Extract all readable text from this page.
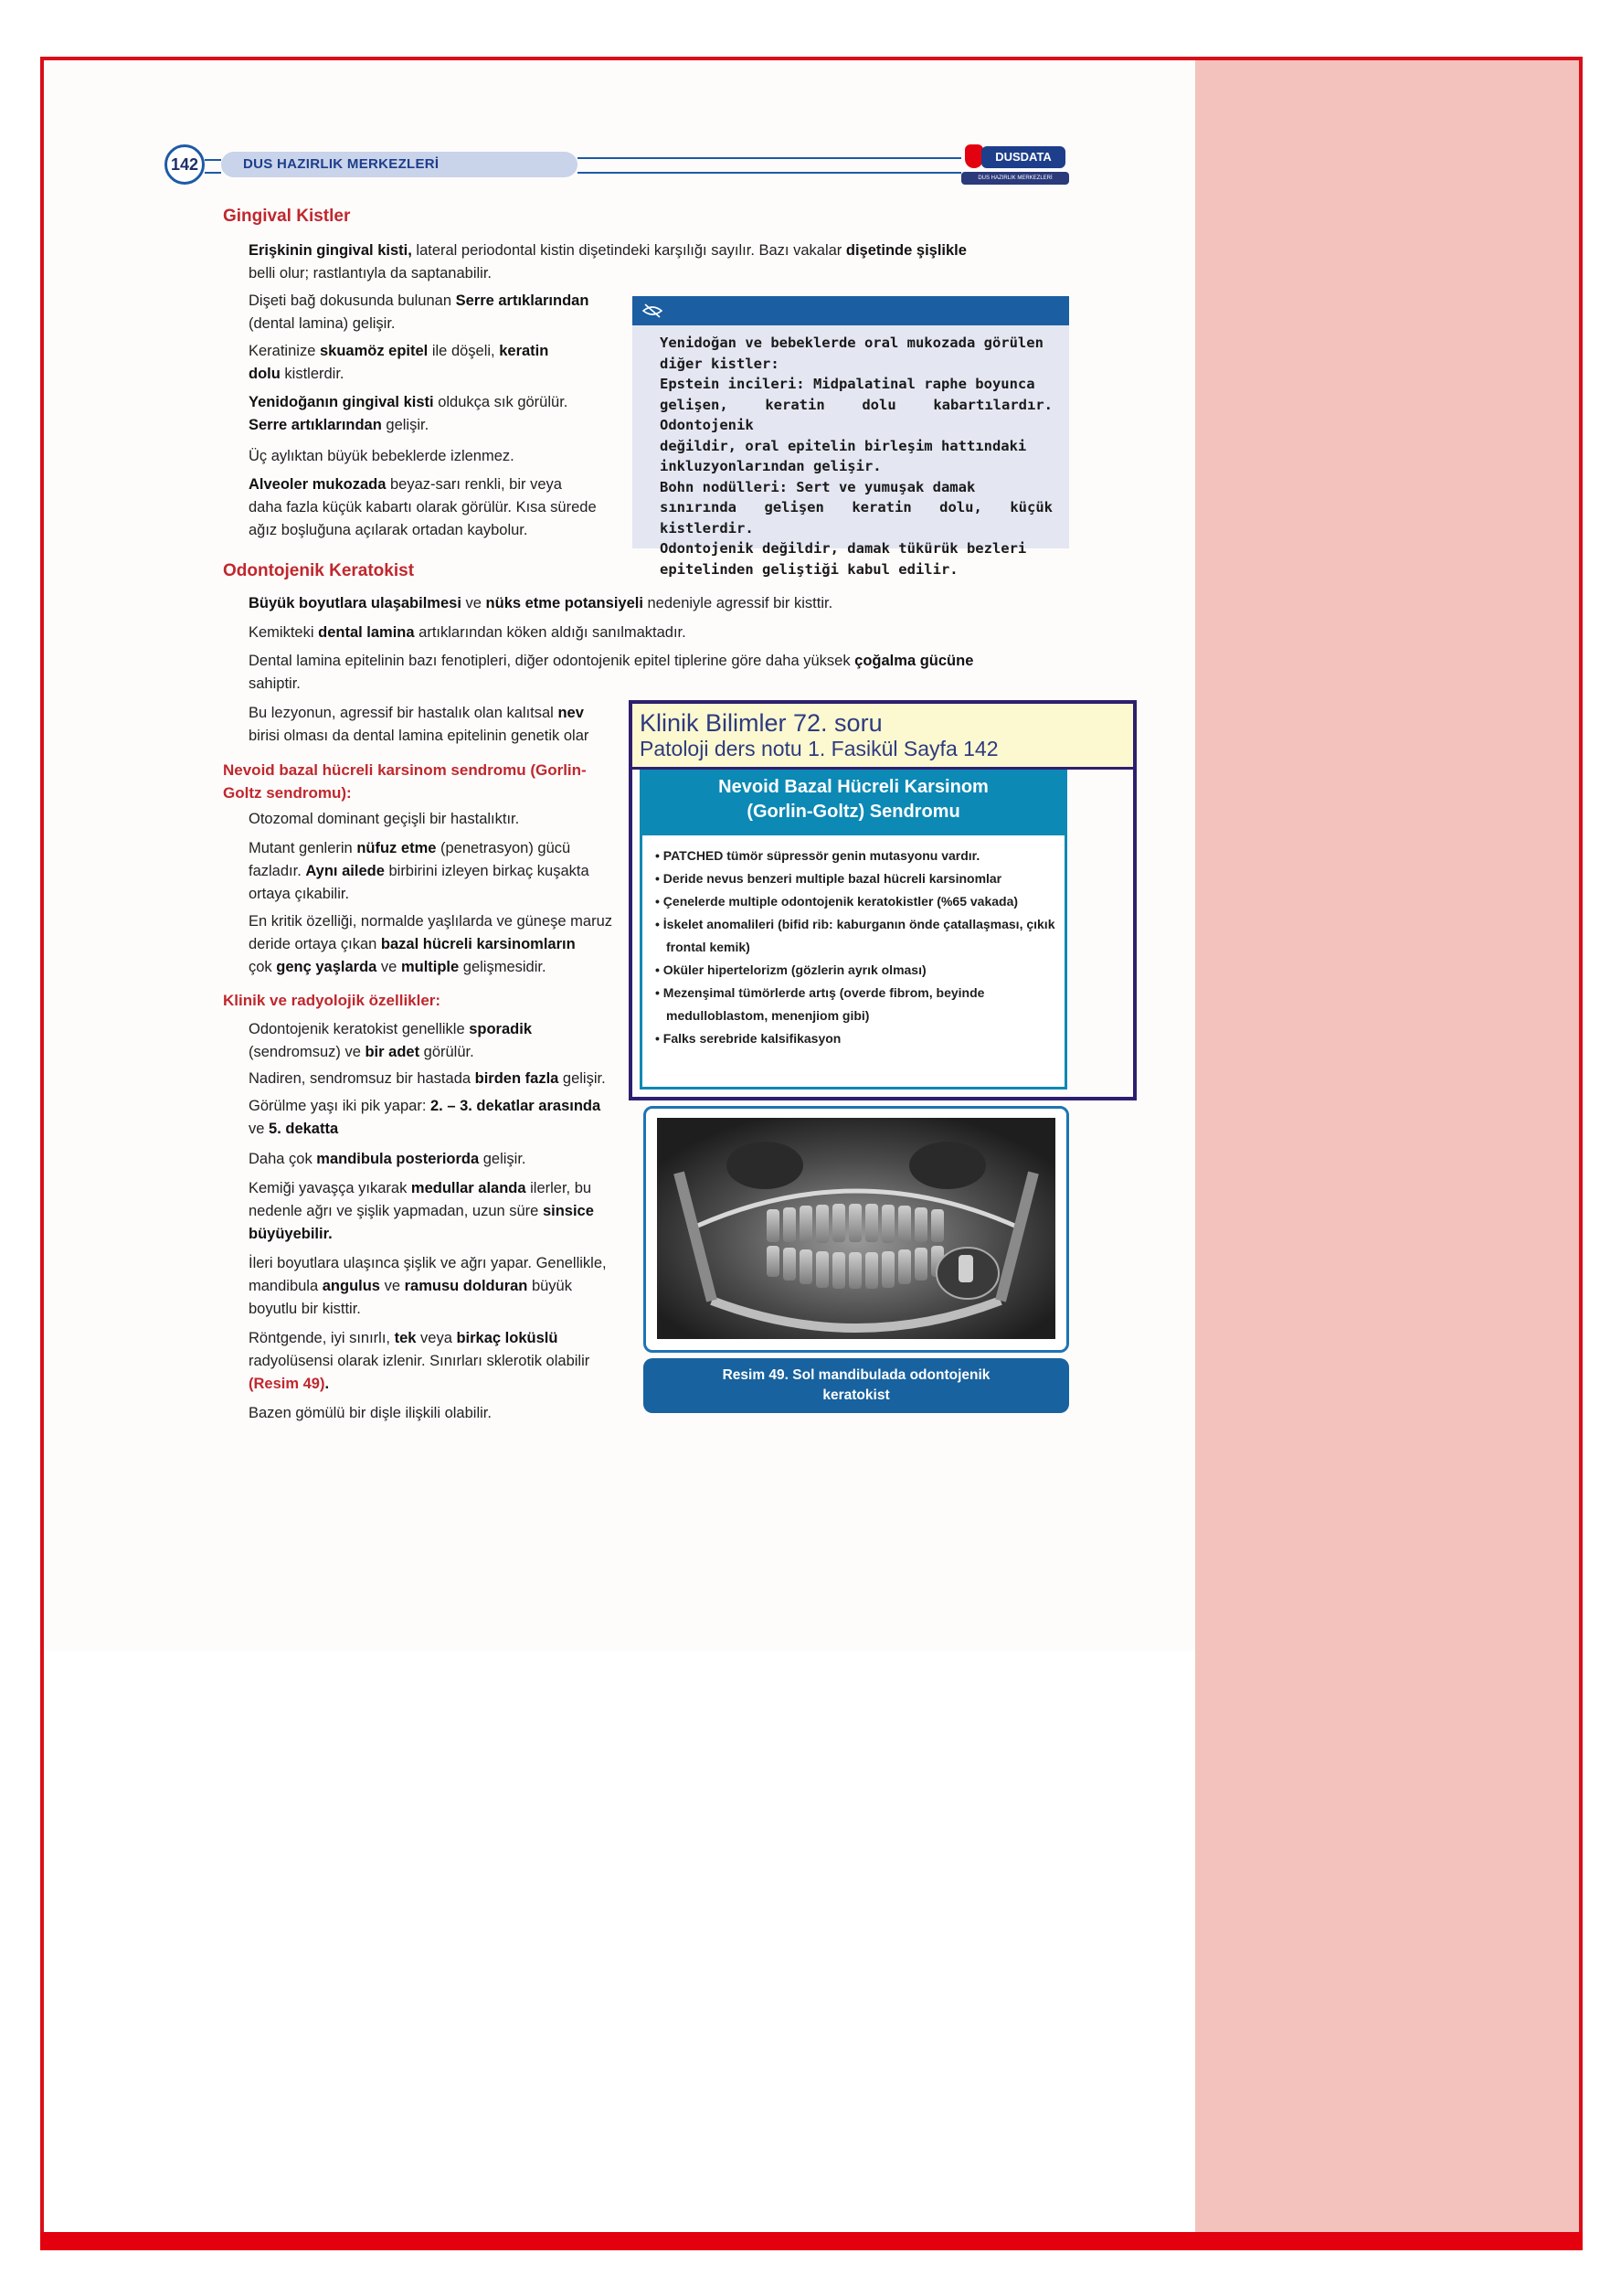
142	DUS HAZIRLIK MERKEZLERİ	DUSDATA
DUS HAZIRLIK MERKEZLERİ
Gingival Kistler
Erişkinin gingival kisti, lateral periodontal kistin dişetindeki karşılığı sayılır. Bazı vakalar dişetinde şişlikle
belli olur; rastlantıyla da saptanabilir.
Dişeti bağ dokusunda bulunan Serre artıklarından
(dental lamina) gelişir.
Keratinize skuamöz epitel ile döşeli, keratin
dolu kistlerdir.
Yenidoğanın gingival kisti oldukça sık görülür.
Serre artıklarından gelişir.
Üç aylıktan büyük bebeklerde izlenmez.
Alveoler mukozada beyaz-sarı renkli, bir veya
daha fazla küçük kabartı olarak görülür. Kısa sürede
ağız boşluğuna açılarak ortadan kaybolur.
Yenidoğan ve bebeklerde oral mukozada görülen
diğer kistler:
Epstein incileri: Midpalatinal raphe boyunca
gelişen, keratin dolu kabartılardır. Odontojenik
değildir, oral epitelin birleşim hattındaki
inkluzyonlarından gelişir.
Bohn nodülleri: Sert ve yumuşak damak
sınırında gelişen keratin dolu, küçük kistlerdir.
Odontojenik değildir, damak tükürük bezleri
epitelinden geliştiği kabul edilir.
Odontojenik Keratokist
Büyük boyutlara ulaşabilmesi ve nüks etme potansiyeli nedeniyle agressif bir kisttir.
Kemikteki dental lamina artıklarından köken aldığı sanılmaktadır.
Dental lamina epitelinin bazı fenotipleri, diğer odontojenik epitel tiplerine göre daha yüksek çoğalma gücüne
sahiptir.
Bu lezyonun, agressif bir hastalık olan kalıtsal nev
birisi olması da dental lamina epitelinin genetik olar
Nevoid bazal hücreli karsinom sendromu (Gorlin-
Goltz sendromu):
Otozomal dominant geçişli bir hastalıktır.
Mutant genlerin nüfuz etme (penetrasyon) gücü
fazladır. Aynı ailede birbirini izleyen birkaç kuşakta
ortaya çıkabilir.
En kritik özelliği, normalde yaşlılarda ve güneşe maruz
deride ortaya çıkan bazal hücreli karsinomların
çok genç yaşlarda ve multiple gelişmesidir.
Klinik ve radyolojik özellikler:
Odontojenik keratokist genellikle sporadik
(sendromsuz) ve bir adet görülür.
Nadiren, sendromsuz bir hastada birden fazla gelişir.
Görülme yaşı iki pik yapar: 2. – 3. dekatlar arasında
ve 5. dekatta
Daha çok mandibula posteriorda gelişir.
Kemiği yavaşça yıkarak medullar alanda ilerler, bu
nedenle ağrı ve şişlik yapmadan, uzun süre sinsice
büyüyebilir.
İleri boyutlara ulaşınca şişlik ve ağrı yapar. Genellikle,
mandibula angulus ve ramusu dolduran büyük
boyutlu bir kisttir.
Röntgende, iyi sınırlı, tek veya birkaç loküslü
radyolüsensi olarak izlenir. Sınırları sklerotik olabilir
(Resim 49).
Bazen gömülü bir dişle ilişkili olabilir.
Nevoid Bazal Hücreli Karsinom
(Gorlin-Goltz) Sendromu
• PATCHED tümör süpressör genin mutasyonu vardır.
• Deride nevus benzeri multiple bazal hücreli karsinomlar
• Çenelerde multiple odontojenik keratokistler (%65 vakada)
• İskelet anomalileri (bifid rib: kaburganın önde çatallaşması, çıkık frontal kemik)
• Oküler hipertelorizm (gözlerin ayrık olması)
• Mezenşimal tümörlerde artış (overde fibrom, beyinde medulloblastom, menenjiom gibi)
• Falks serebride kalsifikasyon
Klinik Bilimler 72. soru
Patoloji ders notu 1. Fasikül Sayfa 142
Resim 49. Sol mandibulada odontojenik
keratokist
